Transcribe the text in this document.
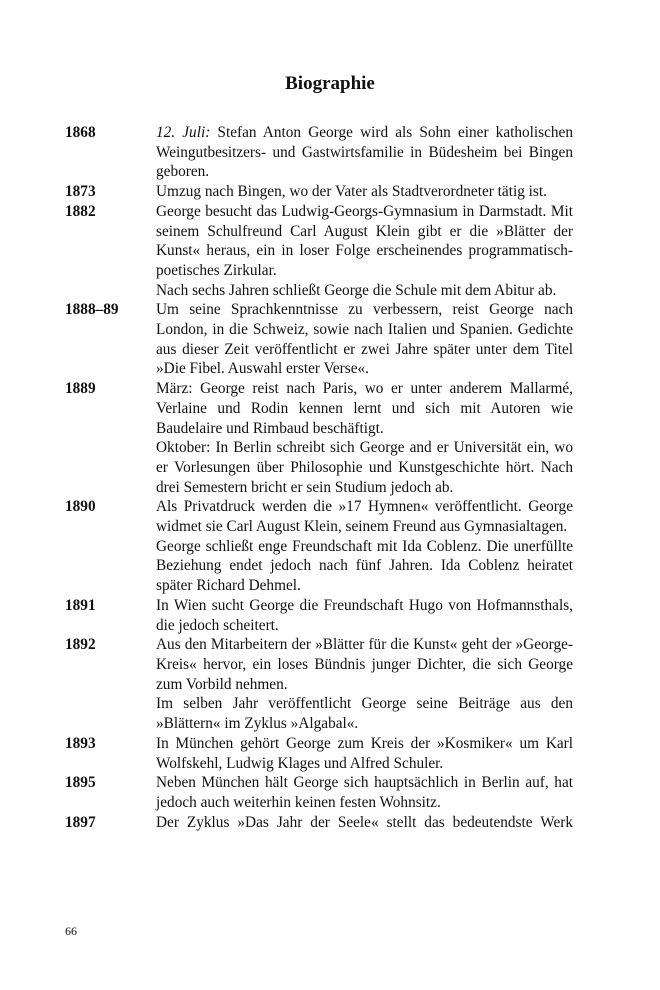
Biographie
1868	12. Juli: Stefan Anton George wird als Sohn einer katholischen Weingutbesitzers- und Gastwirtsfamilie in Büdesheim bei Bingen geboren.
1873	Umzug nach Bingen, wo der Vater als Stadtverordneter tätig ist.
1882	George besucht das Ludwig-Georgs-Gymnasium in Darmstadt. Mit seinem Schulfreund Carl August Klein gibt er die »Blätter der Kunst« heraus, ein in loser Folge erscheinendes programmatisch-poetisches Zirkular.
Nach sechs Jahren schließt George die Schule mit dem Abitur ab.
1888–89	Um seine Sprachkenntnisse zu verbessern, reist George nach London, in die Schweiz, sowie nach Italien und Spanien. Gedichte aus dieser Zeit veröffentlicht er zwei Jahre später unter dem Titel »Die Fibel. Auswahl erster Verse«.
1889	März: George reist nach Paris, wo er unter anderem Mallarmé, Verlaine und Rodin kennen lernt und sich mit Autoren wie Baudelaire und Rimbaud beschäftigt.
Oktober: In Berlin schreibt sich George and er Universität ein, wo er Vorlesungen über Philosophie und Kunstgeschichte hört. Nach drei Semestern bricht er sein Studium jedoch ab.
1890	Als Privatdruck werden die »17 Hymnen« veröffentlicht. George widmet sie Carl August Klein, seinem Freund aus Gymnasialtagen.
George schließt enge Freundschaft mit Ida Coblenz. Die unerfüllte Beziehung endet jedoch nach fünf Jahren. Ida Coblenz heiratet später Richard Dehmel.
1891	In Wien sucht George die Freundschaft Hugo von Hofmannsthals, die jedoch scheitert.
1892	Aus den Mitarbeitern der »Blätter für die Kunst« geht der »George-Kreis« hervor, ein loses Bündnis junger Dichter, die sich George zum Vorbild nehmen.
Im selben Jahr veröffentlicht George seine Beiträge aus den »Blättern« im Zyklus »Algabal«.
1893	In München gehört George zum Kreis der »Kosmiker« um Karl Wolfskehl, Ludwig Klages und Alfred Schuler.
1895	Neben München hält George sich hauptsächlich in Berlin auf, hat jedoch auch weiterhin keinen festen Wohnsitz.
1897	Der Zyklus »Das Jahr der Seele« stellt das bedeutendste Werk
66
